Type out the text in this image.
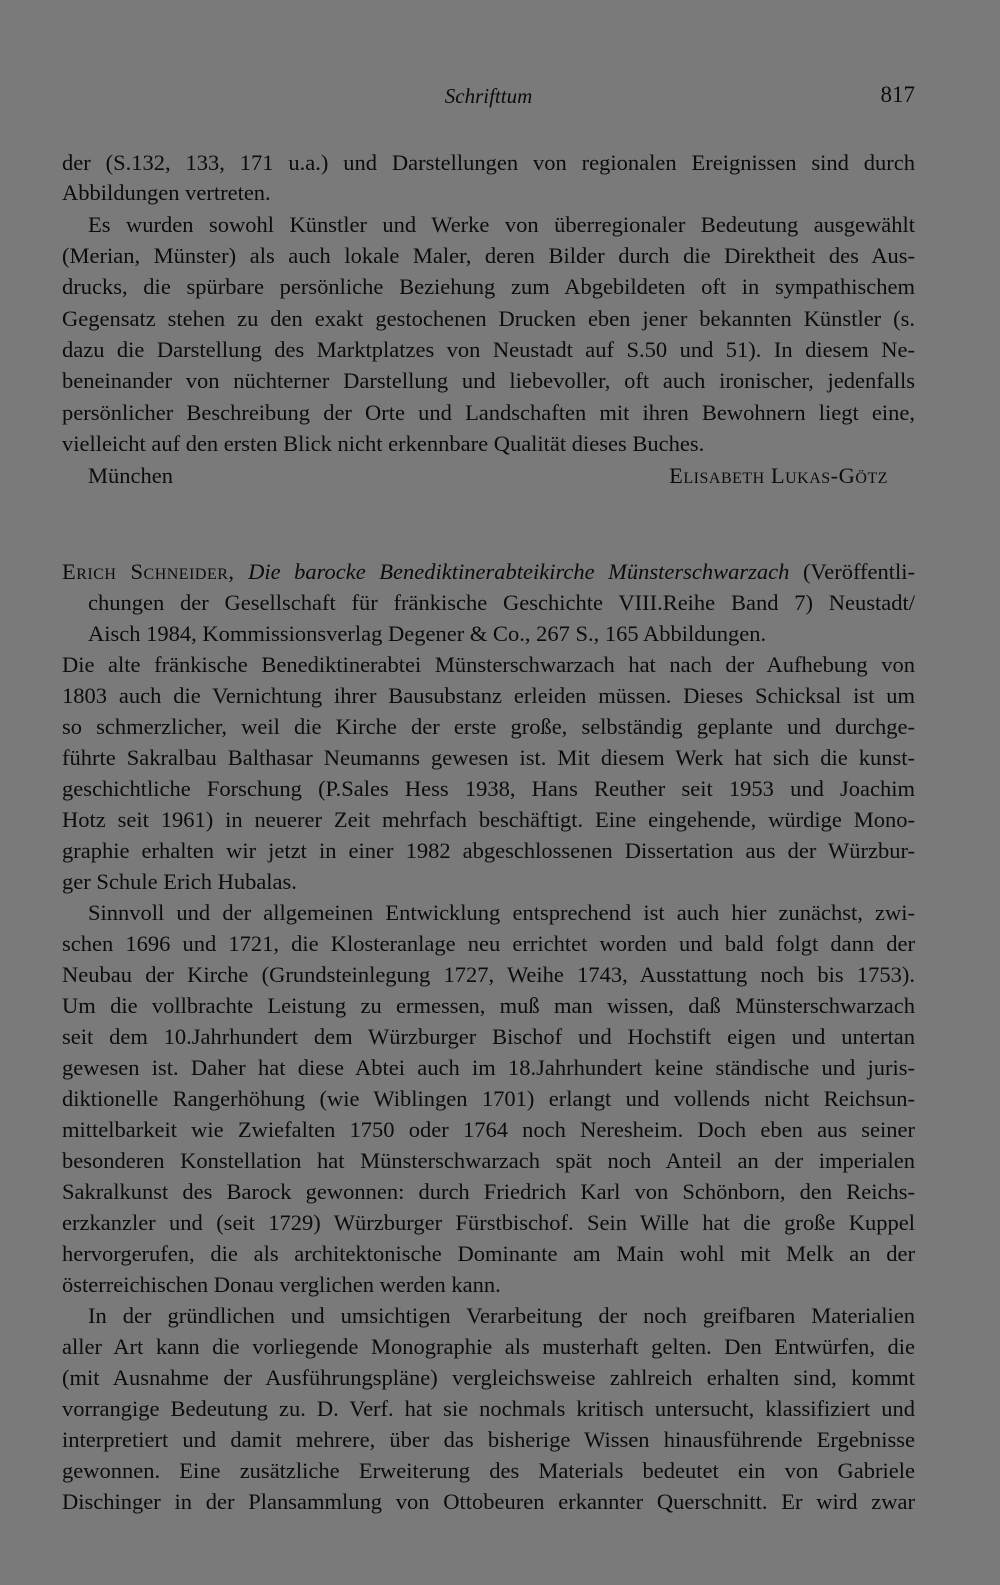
Schrifttum	817
der (S.132, 133, 171 u.a.) und Darstellungen von regionalen Ereignissen sind durch
Abbildungen vertreten.
Es wurden sowohl Künstler und Werke von überregionaler Bedeutung ausgewählt
(Merian, Münster) als auch lokale Maler, deren Bilder durch die Direktheit des Aus-
drucks, die spürbare persönliche Beziehung zum Abgebildeten oft in sympathischem
Gegensatz stehen zu den exakt gestochenen Drucken eben jener bekannten Künstler (s.
dazu die Darstellung des Marktplatzes von Neustadt auf S.50 und 51). In diesem Ne-
beneinander von nüchterner Darstellung und liebevoller, oft auch ironischer, jedenfalls
persönlicher Beschreibung der Orte und Landschaften mit ihren Bewohnern liegt eine,
vielleicht auf den ersten Blick nicht erkennbare Qualität dieses Buches.
München	Elisabeth Lukas-Götz
Erich Schneider, Die barocke Benediktinerabteikirche Münsterschwarzach (Veröffentli-
chungen der Gesellschaft für fränkische Geschichte VIII.Reihe Band 7) Neustadt/
Aisch 1984, Kommissionsverlag Degener & Co., 267 S., 165 Abbildungen.
Die alte fränkische Benediktinerabtei Münsterschwarzach hat nach der Aufhebung von
1803 auch die Vernichtung ihrer Bausubstanz erleiden müssen. Dieses Schicksal ist um
so schmerzlicher, weil die Kirche der erste große, selbständig geplante und durchge-
führte Sakralbau Balthasar Neumanns gewesen ist. Mit diesem Werk hat sich die kunst-
geschichtliche Forschung (P.Sales Hess 1938, Hans Reuther seit 1953 und Joachim
Hotz seit 1961) in neuerer Zeit mehrfach beschäftigt. Eine eingehende, würdige Mono-
graphie erhalten wir jetzt in einer 1982 abgeschlossenen Dissertation aus der Würzbur-
ger Schule Erich Hubalas.
Sinnvoll und der allgemeinen Entwicklung entsprechend ist auch hier zunächst, zwi-
schen 1696 und 1721, die Klosteranlage neu errichtet worden und bald folgt dann der
Neubau der Kirche (Grundsteinlegung 1727, Weihe 1743, Ausstattung noch bis 1753).
Um die vollbrachte Leistung zu ermessen, muß man wissen, daß Münsterschwarzach
seit dem 10.Jahrhundert dem Würzburger Bischof und Hochstift eigen und untertan
gewesen ist. Daher hat diese Abtei auch im 18.Jahrhundert keine ständische und juris-
diktionelle Rangerhöhung (wie Wiblingen 1701) erlangt und vollends nicht Reichsun-
mittelbarkeit wie Zwiefalten 1750 oder 1764 noch Neresheim. Doch eben aus seiner
besonderen Konstellation hat Münsterschwarzach spät noch Anteil an der imperialen
Sakralkunst des Barock gewonnen: durch Friedrich Karl von Schönborn, den Reichs-
erzkanzler und (seit 1729) Würzburger Fürstbischof. Sein Wille hat die große Kuppel
hervorgerufen, die als architektonische Dominante am Main wohl mit Melk an der
österreichischen Donau verglichen werden kann.
In der gründlichen und umsichtigen Verarbeitung der noch greifbaren Materialien
aller Art kann die vorliegende Monographie als musterhaft gelten. Den Entwürfen, die
(mit Ausnahme der Ausführungspläne) vergleichsweise zahlreich erhalten sind, kommt
vorrangige Bedeutung zu. D. Verf. hat sie nochmals kritisch untersucht, klassifiziert und
interpretiert und damit mehrere, über das bisherige Wissen hinausführende Ergebnisse
gewonnen. Eine zusätzliche Erweiterung des Materials bedeutet ein von Gabriele
Dischinger in der Plansammlung von Ottobeuren erkannter Querschnitt. Er wird zwar
